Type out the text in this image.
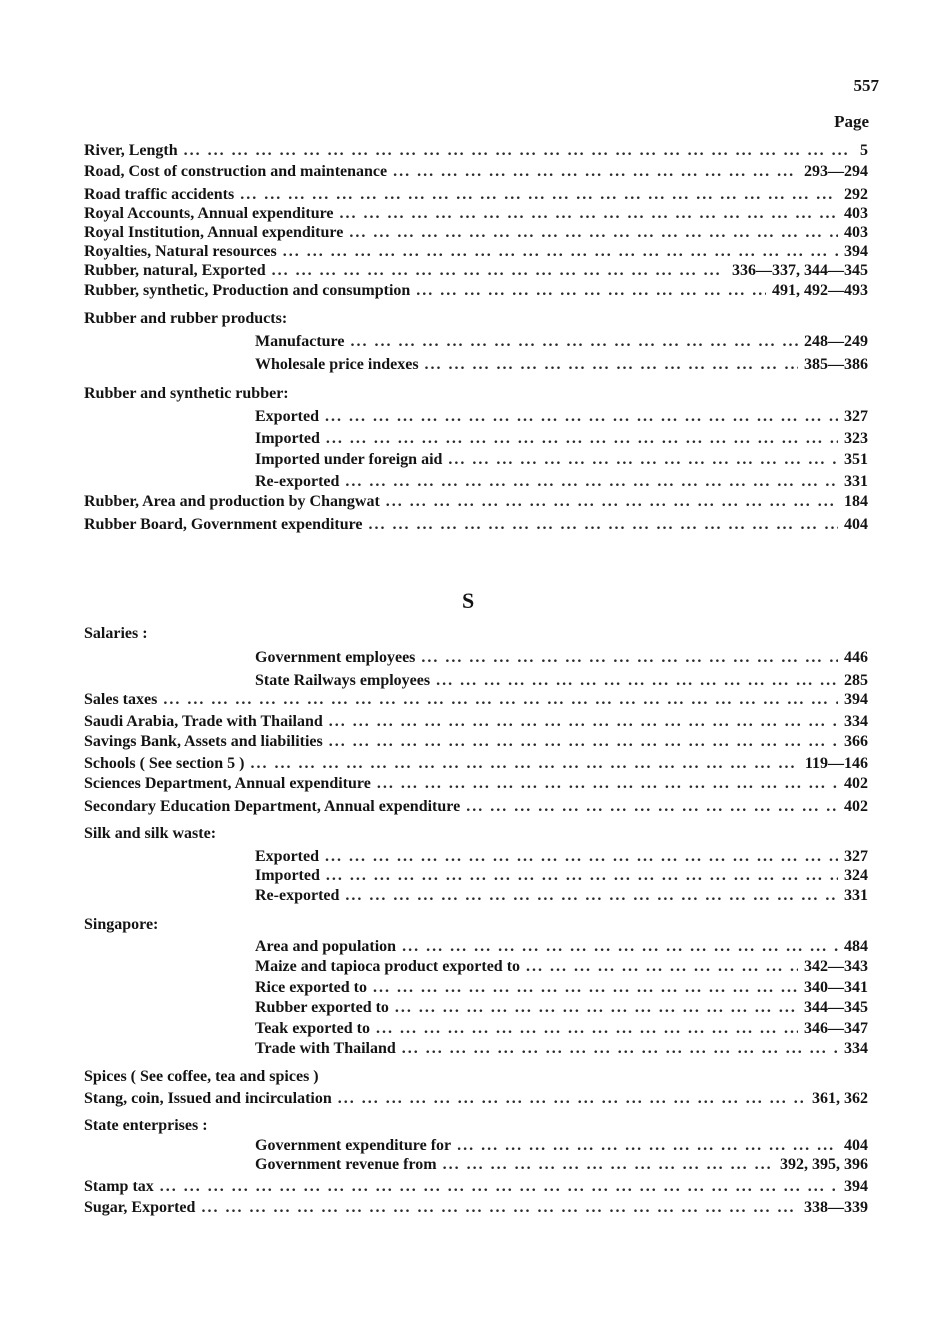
557
Page
River, Length ... .	5
Road, Cost of construction and maintenance ... .	293—294
Road traffic accidents ... .	292
Royal Accounts, Annual expenditure ... .	403
Royal Institution, Annual expenditure ... .	403
Royalties, Natural resources ... .	394
Rubber, natural, Exported ... .	336—337, 344—345
Rubber, synthetic, Production and consumption ... .	491, 492—493
Rubber and rubber products:
Manufacture ... .	248—249
Wholesale price indexes ... .	385—386
Rubber and synthetic rubber:
Exported ... .	327
Imported ... .	323
Imported under foreign aid ... .	351
Re-exported ... .	331
Rubber, Area and production by Changwat ... .	184
Rubber Board, Government expenditure ... .	404
S
Salaries :
Government employees ... .	446
State Railways employees ... .	285
Sales taxes ... .	394
Saudi Arabia, Trade with Thailand ... .	334
Savings Bank, Assets and liabilities ... .	366
Schools ( See section 5 ) ... .	119—146
Sciences Department, Annual expenditure ... .	402
Secondary Education Department, Annual expenditure ... .	402
Silk and silk waste:
Exported ... .	327
Imported ... .	324
Re-exported ... .	331
Singapore:
Area and population ... .	484
Maize and tapioca product exported to ... .	342—343
Rice exported to ... .	340—341
Rubber exported to ... .	344—345
Teak exported to ... .	346—347
Trade with Thailand ... .	334
Spices ( See coffee, tea and spices )
Stang, coin, Issued and incirculation ... .	361, 362
State enterprises :
Government expenditure for ... .	404
Government revenue from ... .	392, 395, 396
Stamp tax ... .	394
Sugar, Exported ... .	338—339
